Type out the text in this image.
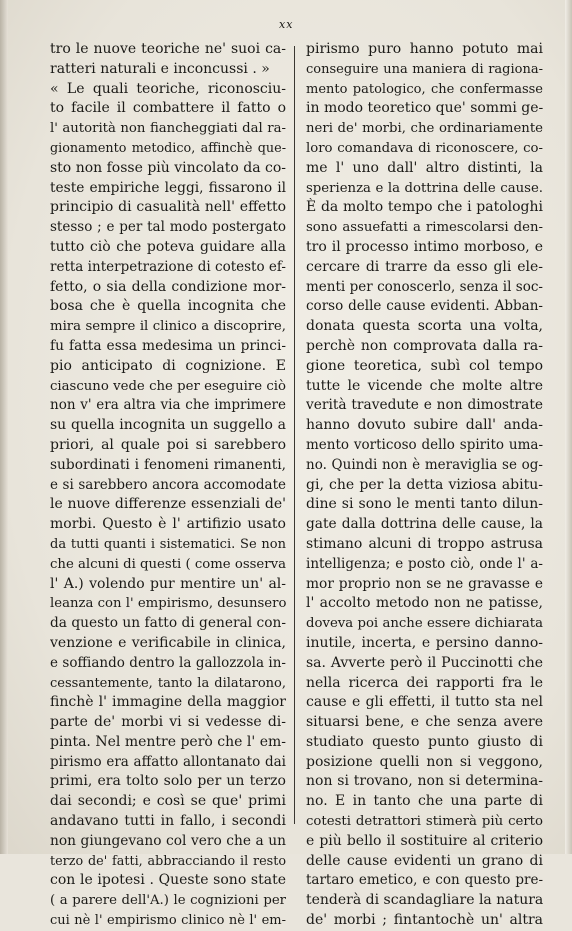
xx
tro le nuove teoriche ne' suoi ca-
ratteri naturali e inconcussi . »
« Le quali teoriche, riconosciu-
to facile il combattere il fatto o
l' autorità non fiancheggiati dal ra-
gionamento metodico, affinchè que-
sto non fosse più vincolato da co-
teste empiriche leggi, fissarono il
principio di casualità nell' effetto
stesso ; e per tal modo postergato
tutto ciò che poteva guidare alla
retta interpetrazione di cotesto ef-
fetto, o sia della condizione mor-
bosa che è quella incognita che
mira sempre il clinico a discoprire,
fu fatta essa medesima un princi-
pio anticipato di cognizione. E
ciascuno vede che per eseguire ciò
non v' era altra via che imprimere
su quella incognita un suggello a
priori, al quale poi si sarebbero
subordinati i fenomeni rimanenti,
e si sarebbero ancora accomodate
le nuove differenze essenziali de'
morbi. Questo è l' artifizio usato
da tutti quanti i sistematici. Se non
che alcuni di questi ( come osserva
l' A.) volendo pur mentire un' al-
leanza con l' empirismo, desunsero
da questo un fatto di general con-
venzione e verificabile in clinica,
e soffiando dentro la gallozzola in-
cessantemente, tanto la dilatarono,
finchè l' immagine della maggior
parte de' morbi vi si vedesse di-
pinta. Nel mentre però che l' em-
pirismo era affatto allontanato dai
primi, era tolto solo per un terzo
dai secondi; e così se que' primi
andavano tutti in fallo, i secondi
non giungevano col vero che a un
terzo de' fatti, abbracciando il resto
con le ipotesi . Queste sono state
( a parere dell'A.) le cognizioni per
cui nè l' empirismo clinico nè l' em-
pirismo puro hanno potuto mai
conseguire una maniera di ragiona-
mento patologico, che confermasse
in modo teoretico que' sommi ge-
neri de' morbi, che ordinariamente
loro comandava di riconoscere, co-
me l' uno dall' altro distinti, la
sperienza e la dottrina delle cause.
È da molto tempo che i patologhi
sono assuefatti a rimescolarsi den-
tro il processo intimo morboso, e
cercare di trarre da esso gli ele-
menti per conoscerlo, senza il soc-
corso delle cause evidenti. Abban-
donata questa scorta una volta,
perchè non comprovata dalla ra-
gione teoretica, subì col tempo
tutte le vicende che molte altre
verità travedute e non dimostrate
hanno dovuto subire dall' anda-
mento vorticoso dello spirito uma-
no. Quindi non è meraviglia se og-
gi, che per la detta viziosa abitu-
dine si sono le menti tanto dilun-
gate dalla dottrina delle cause, la
stimano alcuni di troppo astrusa
intelligenza; e posto ciò, onde l' a-
mor proprio non se ne gravasse e
l' accolto metodo non ne patisse,
doveva poi anche essere dichiarata
inutile, incerta, e persino danno-
sa. Avverte però il Puccinotti che
nella ricerca dei rapporti fra le
cause e gli effetti, il tutto sta nel
situarsi bene, e che senza avere
studiato questo punto giusto di
posizione quelli non si veggono,
non si trovano, non si determina-
no. E in tanto che una parte di
cotesti detrattori stimerà più certo
e più bello il sostituire al criterio
delle cause evidenti un grano di
tartaro emetico, e con questo pre-
tenderà di scandagliare la natura
de' morbi ; fintantochè un' altra
